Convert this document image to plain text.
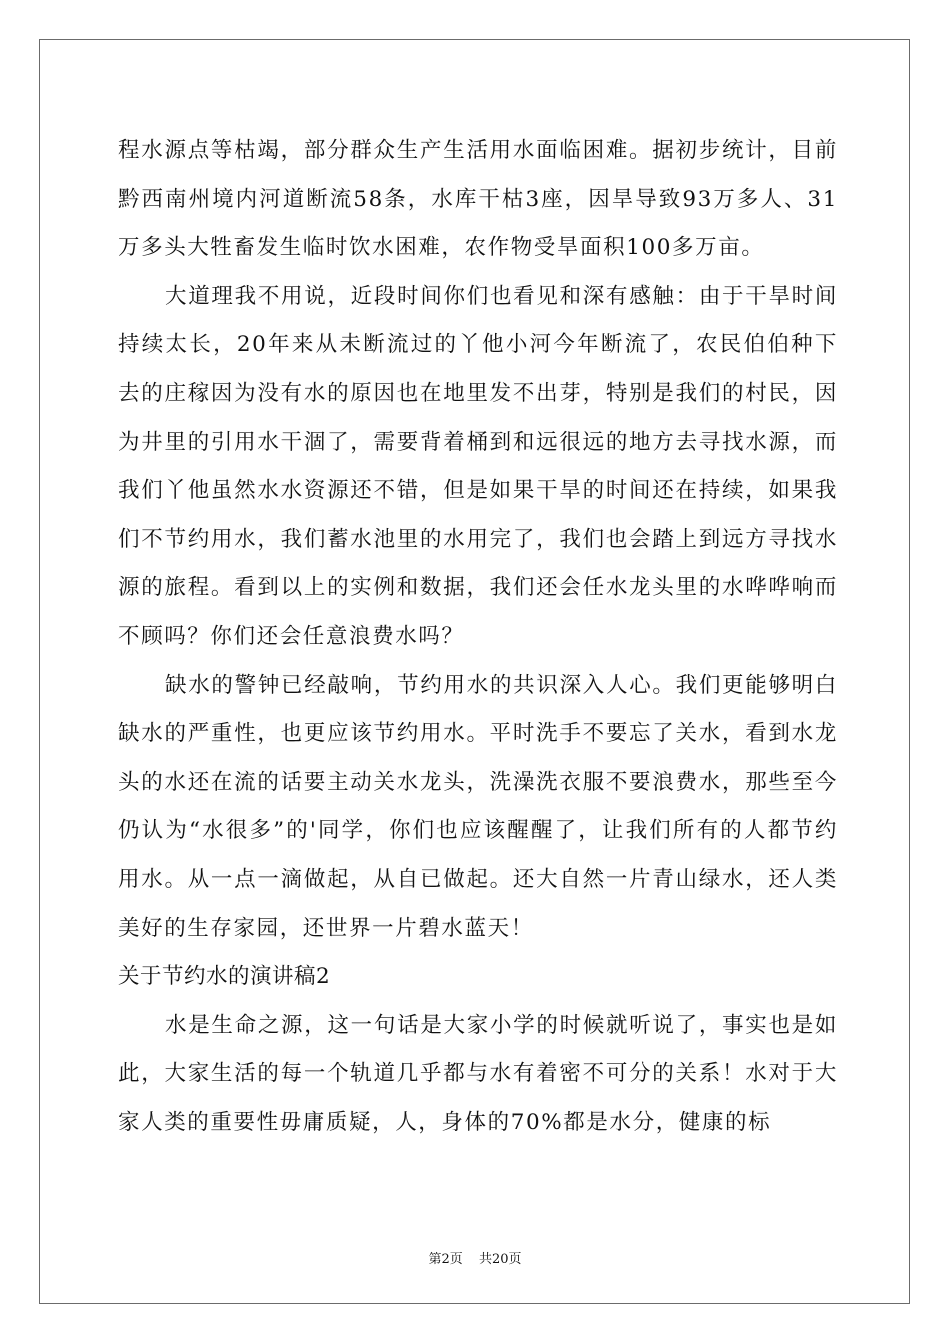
程水源点等枯竭，部分群众生产生活用水面临困难。据初步统计，目前黔西南州境内河道断流58条，水库干枯3座，因旱导致93万多人、31万多头大牲畜发生临时饮水困难，农作物受旱面积100多万亩。

大道理我不用说，近段时间你们也看见和深有感触：由于干旱时间持续太长，20年来从未断流过的丫他小河今年断流了，农民伯伯种下去的庄稼因为没有水的原因也在地里发不出芽，特别是我们的村民，因为井里的引用水干涸了，需要背着桶到和远很远的地方去寻找水源，而我们丫他虽然水水资源还不错，但是如果干旱的时间还在持续，如果我们不节约用水，我们蓄水池里的水用完了，我们也会踏上到远方寻找水源的旅程。看到以上的实例和数据，我们还会任水龙头里的水哗哗响而不顾吗？你们还会任意浪费水吗？

缺水的警钟已经敲响，节约用水的共识深入人心。我们更能够明白缺水的严重性，也更应该节约用水。平时洗手不要忘了关水，看到水龙头的水还在流的话要主动关水龙头，洗澡洗衣服不要浪费水，那些至今仍认为“水很多”的'同学，你们也应该醒醒了，让我们所有的人都节约用水。从一点一滴做起，从自已做起。还大自然一片青山绿水，还人类美好的生存家园，还世界一片碧水蓝天！

关于节约水的演讲稿2

水是生命之源，这一句话是大家小学的时候就听说了，事实也是如此，大家生活的每一个轨道几乎都与水有着密不可分的关系！水对于大家人类的重要性毋庸质疑，人，身体的70%都是水分，健康的标

第2页 共20页
